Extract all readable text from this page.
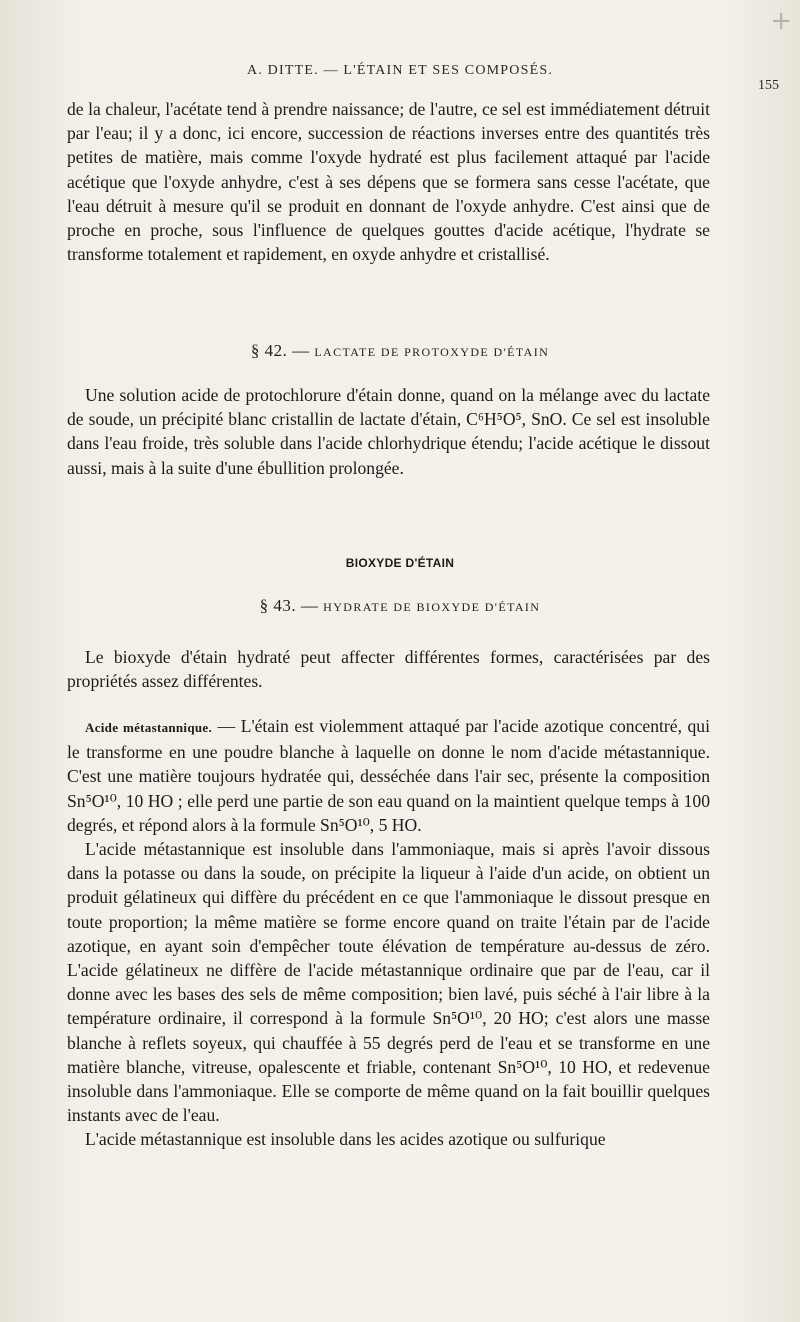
+
A. DITTE. — L'ÉTAIN ET SES COMPOSÉS.
155

de la chaleur, l'acétate tend à prendre naissance; de l'autre, ce sel est immédiatement détruit par l'eau; il y a donc, ici encore, succession de réactions inverses entre des quantités très petites de matière, mais comme l'oxyde hydraté est plus facilement attaqué par l'acide acétique que l'oxyde anhydre, c'est à ses dépens que se formera sans cesse l'acétate, que l'eau détruit à mesure qu'il se produit en donnant de l'oxyde anhydre. C'est ainsi que de proche en proche, sous l'influence de quelques gouttes d'acide acétique, l'hydrate se transforme totalement et rapidement, en oxyde anhydre et cristallisé.

§ 42. — LACTATE DE PROTOXYDE D'ÉTAIN

Une solution acide de protochlorure d'étain donne, quand on la mélange avec du lactate de soude, un précipité blanc cristallin de lactate d'étain, C⁶H⁵O⁵, SnO. Ce sel est insoluble dans l'eau froide, très soluble dans l'acide chlorhydrique étendu; l'acide acétique le dissout aussi, mais à la suite d'une ébullition prolongée.

BIOXYDE D'ÉTAIN
§ 43. — HYDRATE DE BIOXYDE D'ÉTAIN

Le bioxyde d'étain hydraté peut affecter différentes formes, caractérisées par des propriétés assez différentes.

Acide métastannique. — L'étain est violemment attaqué par l'acide azotique concentré, qui le transforme en une poudre blanche à laquelle on donne le nom d'acide métastannique. C'est une matière toujours hydratée qui, desséchée dans l'air sec, présente la composition Sn⁵O¹⁰, 10 HO ; elle perd une partie de son eau quand on la maintient quelque temps à 100 degrés, et répond alors à la formule Sn⁵O¹⁰, 5 HO.

L'acide métastannique est insoluble dans l'ammoniaque, mais si après l'avoir dissous dans la potasse ou dans la soude, on précipite la liqueur à l'aide d'un acide, on obtient un produit gélatineux qui diffère du précédent en ce que l'ammoniaque le dissout presque en toute proportion; la même matière se forme encore quand on traite l'étain par de l'acide azotique, en ayant soin d'empêcher toute élévation de température au-dessus de zéro. L'acide gélatineux ne diffère de l'acide métastannique ordinaire que par de l'eau, car il donne avec les bases des sels de même composition; bien lavé, puis séché à l'air libre à la température ordinaire, il correspond à la formule Sn⁵O¹⁰, 20 HO; c'est alors une masse blanche à reflets soyeux, qui chauffée à 55 degrés perd de l'eau et se transforme en une matière blanche, vitreuse, opalescente et friable, contenant Sn⁵O¹⁰, 10 HO, et redevenue insoluble dans l'ammoniaque. Elle se comporte de même quand on la fait bouillir quelques instants avec de l'eau.

L'acide métastannique est insoluble dans les acides azotique ou sulfurique
